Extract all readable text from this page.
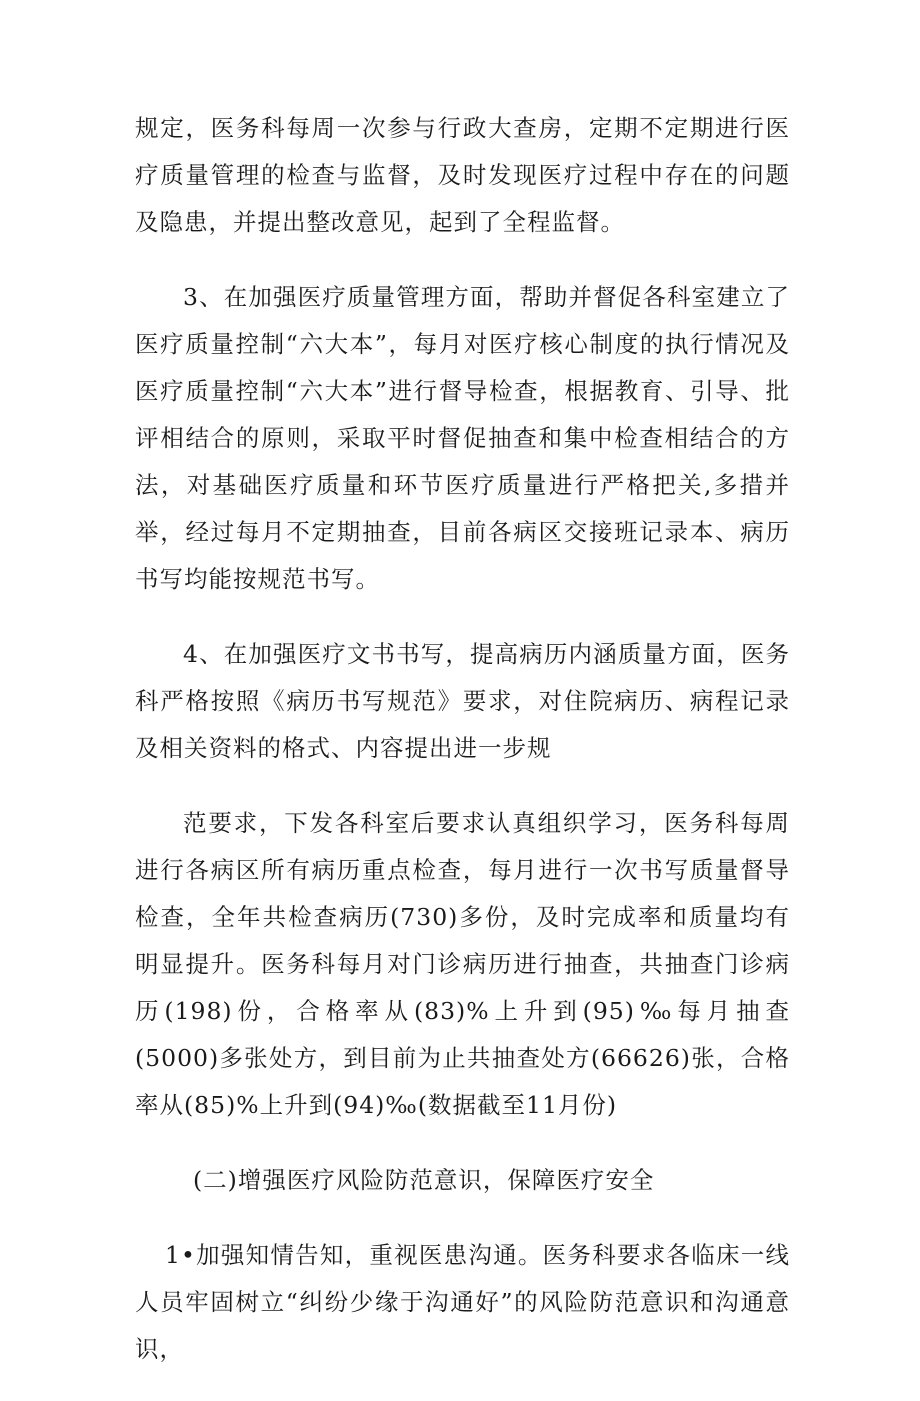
规定，医务科每周一次参与行政大查房，定期不定期进行医疗质量管理的检查与监督，及时发现医疗过程中存在的问题及隐患，并提出整改意见，起到了全程监督。

3、在加强医疗质量管理方面，帮助并督促各科室建立了医疗质量控制“六大本”，每月对医疗核心制度的执行情况及医疗质量控制“六大本”进行督导检查，根据教育、引导、批评相结合的原则，采取平时督促抽查和集中检查相结合的方法，对基础医疗质量和环节医疗质量进行严格把关,多措并举，经过每月不定期抽查，目前各病区交接班记录本、病历书写均能按规范书写。

4、在加强医疗文书书写，提高病历内涵质量方面，医务科严格按照《病历书写规范》要求，对住院病历、病程记录及相关资料的格式、内容提出进一步规

范要求，下发各科室后要求认真组织学习，医务科每周进行各病区所有病历重点检查，每月进行一次书写质量督导检查，全年共检查病历(730)多份，及时完成率和质量均有明显提升。医务科每月对门诊病历进行抽查，共抽查门诊病历(198)份，合格率从(83)%上升到(95)‰每月抽查(5000)多张处方，到目前为止共抽查处方(66626)张，合格率从(85)%上升到(94)‰(数据截至11月份)

(二)增强医疗风险防范意识，保障医疗安全

1•加强知情告知，重视医患沟通。医务科要求各临床一线人员牢固树立“纠纷少缘于沟通好”的风险防范意识和沟通意识，
